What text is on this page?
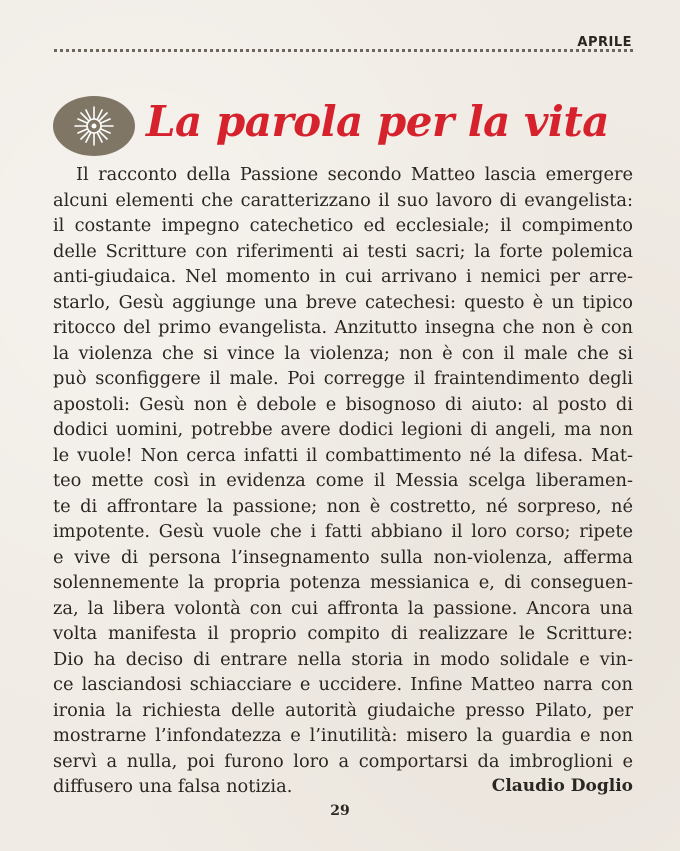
APRILE
La parola per la vita
Il racconto della Passione secondo Matteo lascia emergere
alcuni elementi che caratterizzano il suo lavoro di evangelista:
il costante impegno catechetico ed ecclesiale; il compimento
delle Scritture con riferimenti ai testi sacri; la forte polemica
anti-giudaica. Nel momento in cui arrivano i nemici per arre-
starlo, Gesù aggiunge una breve catechesi: questo è un tipico
ritocco del primo evangelista. Anzitutto insegna che non è con
la violenza che si vince la violenza; non è con il male che si
può sconfiggere il male. Poi corregge il fraintendimento degli
apostoli: Gesù non è debole e bisognoso di aiuto: al posto di
dodici uomini, potrebbe avere dodici legioni di angeli, ma non
le vuole! Non cerca infatti il combattimento né la difesa. Mat-
teo mette così in evidenza come il Messia scelga liberamen-
te di affrontare la passione; non è costretto, né sorpreso, né
impotente. Gesù vuole che i fatti abbiano il loro corso; ripete
e vive di persona l’insegnamento sulla non-violenza, afferma
solennemente la propria potenza messianica e, di conseguen-
za, la libera volontà con cui affronta la passione. Ancora una
volta manifesta il proprio compito di realizzare le Scritture:
Dio ha deciso di entrare nella storia in modo solidale e vin-
ce lasciandosi schiacciare e uccidere. Infine Matteo narra con
ironia la richiesta delle autorità giudaiche presso Pilato, per
mostrarne l’infondatezza e l’inutilità: misero la guardia e non
servì a nulla, poi furono loro a comportarsi da imbroglioni e
diffusero una falsa notizia.	Claudio Doglio
29
